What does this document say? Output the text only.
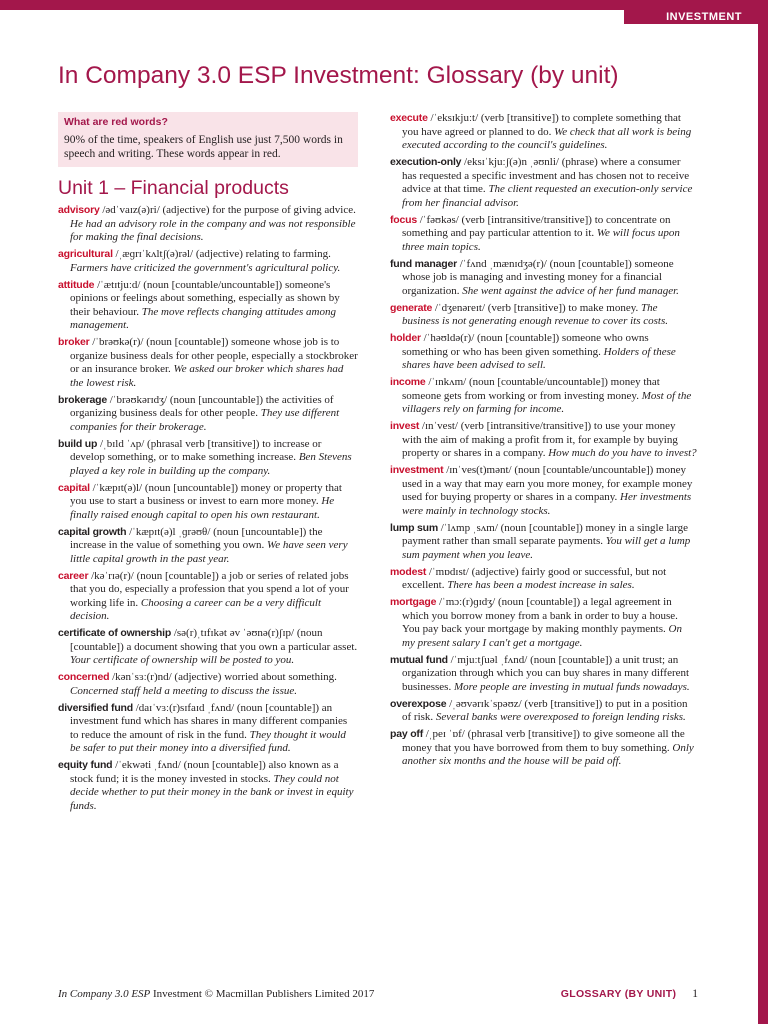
INVESTMENT
In Company 3.0 ESP Investment: Glossary (by unit)
What are red words?
90% of the time, speakers of English use just 7,500 words in speech and writing. These words appear in red.
Unit 1 – Financial products
advisory /ədˈvaɪz(ə)ri/ (adjective) for the purpose of giving advice. He had an advisory role in the company and was not responsible for making the final decisions.
agricultural /ˌæɡrɪˈkʌltʃ(ə)rəl/ (adjective) relating to farming. Farmers have criticized the government's agricultural policy.
attitude /ˈætɪtjuːd/ (noun [countable/uncountable]) someone's opinions or feelings about something, especially as shown by their behaviour. The move reflects changing attitudes among management.
broker /ˈbrəʊkə(r)/ (noun [countable]) someone whose job is to organize business deals for other people, especially a stockbroker or an insurance broker. We asked our broker which shares had the lowest risk.
brokerage /ˈbrəʊkərɪdʒ/ (noun [uncountable]) the activities of organizing business deals for other people. They use different companies for their brokerage.
build up /ˌbɪld ˈʌp/ (phrasal verb [transitive]) to increase or develop something, or to make something increase. Ben Stevens played a key role in building up the company.
capital /ˈkæpɪt(ə)l/ (noun [uncountable]) money or property that you use to start a business or invest to earn more money. He finally raised enough capital to open his own restaurant.
capital growth /ˈkæpɪt(ə)l ˌɡrəʊθ/ (noun [uncountable]) the increase in the value of something you own. We have seen very little capital growth in the past year.
career /kəˈrɪə(r)/ (noun [countable]) a job or series of related jobs that you do, especially a profession that you spend a lot of your working life in. Choosing a career can be a very difficult decision.
certificate of ownership /sə(r)ˌtɪfɪkət əv ˈəʊnə(r)ʃɪp/ (noun [countable]) a document showing that you own a particular asset. Your certificate of ownership will be posted to you.
concerned /kənˈsɜː(r)nd/ (adjective) worried about something. Concerned staff held a meeting to discuss the issue.
diversified fund /daɪˈvɜː(r)sɪfaɪd ˌfʌnd/ (noun [countable]) an investment fund which has shares in many different companies to reduce the amount of risk in the fund. They thought it would be safer to put their money into a diversified fund.
equity fund /ˈekwəti ˌfʌnd/ (noun [countable]) also known as a stock fund; it is the money invested in stocks. They could not decide whether to put their money in the bank or invest in equity funds.
execute /ˈeksɪkjuːt/ (verb [transitive]) to complete something that you have agreed or planned to do. We check that all work is being executed according to the council's guidelines.
execution-only /eksɪˈkjuːʃ(ə)n ˌəʊnli/ (phrase) where a consumer has requested a specific investment and has chosen not to receive advice at that time. The client requested an execution-only service from her financial advisor.
focus /ˈfəʊkəs/ (verb [intransitive/transitive]) to concentrate on something and pay particular attention to it. We will focus upon three main topics.
fund manager /ˈfʌnd ˌmænɪdʒə(r)/ (noun [countable]) someone whose job is managing and investing money for a financial organization. She went against the advice of her fund manager.
generate /ˈdʒenəreɪt/ (verb [transitive]) to make money. The business is not generating enough revenue to cover its costs.
holder /ˈhəʊldə(r)/ (noun [countable]) someone who owns something or who has been given something. Holders of these shares have been advised to sell.
income /ˈɪnkʌm/ (noun [countable/uncountable]) money that someone gets from working or from investing money. Most of the villagers rely on farming for income.
invest /ɪnˈvest/ (verb [intransitive/transitive]) to use your money with the aim of making a profit from it, for example by buying property or shares in a company. How much do you have to invest?
investment /ɪnˈves(t)mənt/ (noun [countable/uncountable]) money used in a way that may earn you more money, for example money used for buying property or shares in a company. Her investments were mainly in technology stocks.
lump sum /ˈlʌmp ˌsʌm/ (noun [countable]) money in a single large payment rather than small separate payments. You will get a lump sum payment when you leave.
modest /ˈmɒdɪst/ (adjective) fairly good or successful, but not excellent. There has been a modest increase in sales.
mortgage /ˈmɔː(r)ɡɪdʒ/ (noun [countable]) a legal agreement in which you borrow money from a bank in order to buy a house. You pay back your mortgage by making monthly payments. On my present salary I can't get a mortgage.
mutual fund /ˈmjuːtʃuəl ˌfʌnd/ (noun [countable]) a unit trust; an organization through which you can buy shares in many different businesses. More people are investing in mutual funds nowadays.
overexpose /ˌəʊvərɪkˈspəʊz/ (verb [transitive]) to put in a position of risk. Several banks were overexposed to foreign lending risks.
pay off /ˌpeɪ ˈɒf/ (phrasal verb [transitive]) to give someone all the money that you have borrowed from them to buy something. Only another six months and the house will be paid off.
In Company 3.0 ESP Investment © Macmillan Publishers Limited 2017	GLOSSARY (BY UNIT) 1
